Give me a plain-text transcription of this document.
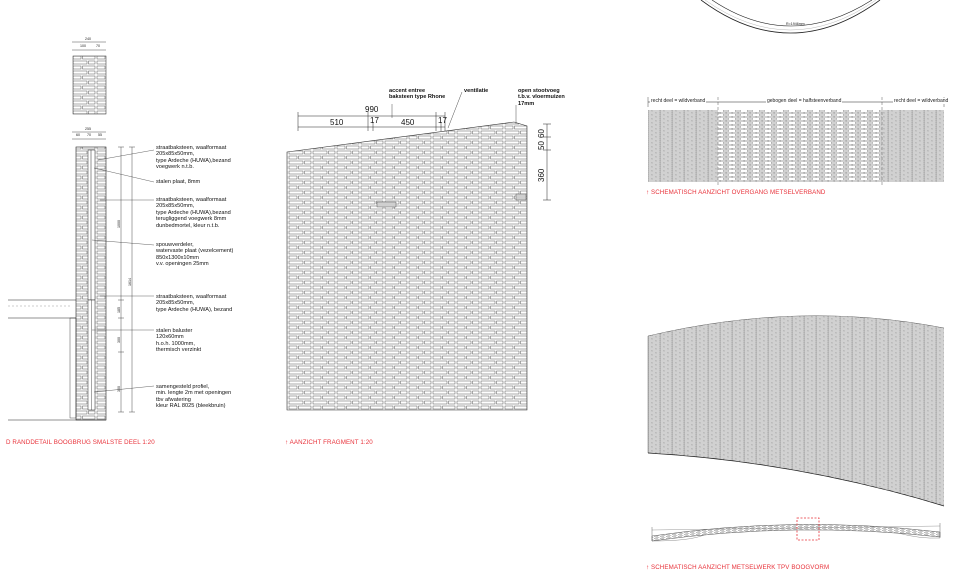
240

100	70

255

60 70 55

1000

1614

185

300

300

straatbaksteen, waalformaat
205x85x50mm,
type Ardeche (HUWA),bezand
voegwerk n.t.b.

stalen plaat, 8mm

straatbaksteen, waalformaat
205x85x50mm,
type Ardeche (HUWA),bezand
terugliggend voegwerk 8mm
dunbedmortel, kleur n.t.b.

spouwverdeler,
watervaste plaat (vezelcement)
850x1300x10mm
v.v. openingen 25mm

straatbaksteen, waalformaat
205x85x50mm,
type Ardeche (HUWA), bezand

stalen baluster
120x60mm
h.o.h. 1000mm,
thermisch verzinkt

samengesteld profiel,
min. lengte 2m met openingen
tbv afwatering
kleur RAL 8025 (bleekbruin)

D RANDDETAIL BOOGBRUG SMALSTE DEEL 1:20

accent entree
baksteen type Rhone

ventilatie	open stootvoeg
t.b.v. vloermuizen
17mm

990

510	17	450	17

60

50

360

↑ AANZICHT FRAGMENT 1:20

R=1946mm

recht deel = wildverband	gebogen deel = halfsteenverband	recht deel = wildverband

↑ SCHEMATISCH AANZICHT OVERGANG METSELVERBAND

↑ SCHEMATISCH AANZICHT METSELWERK TPV BOOGVORM
